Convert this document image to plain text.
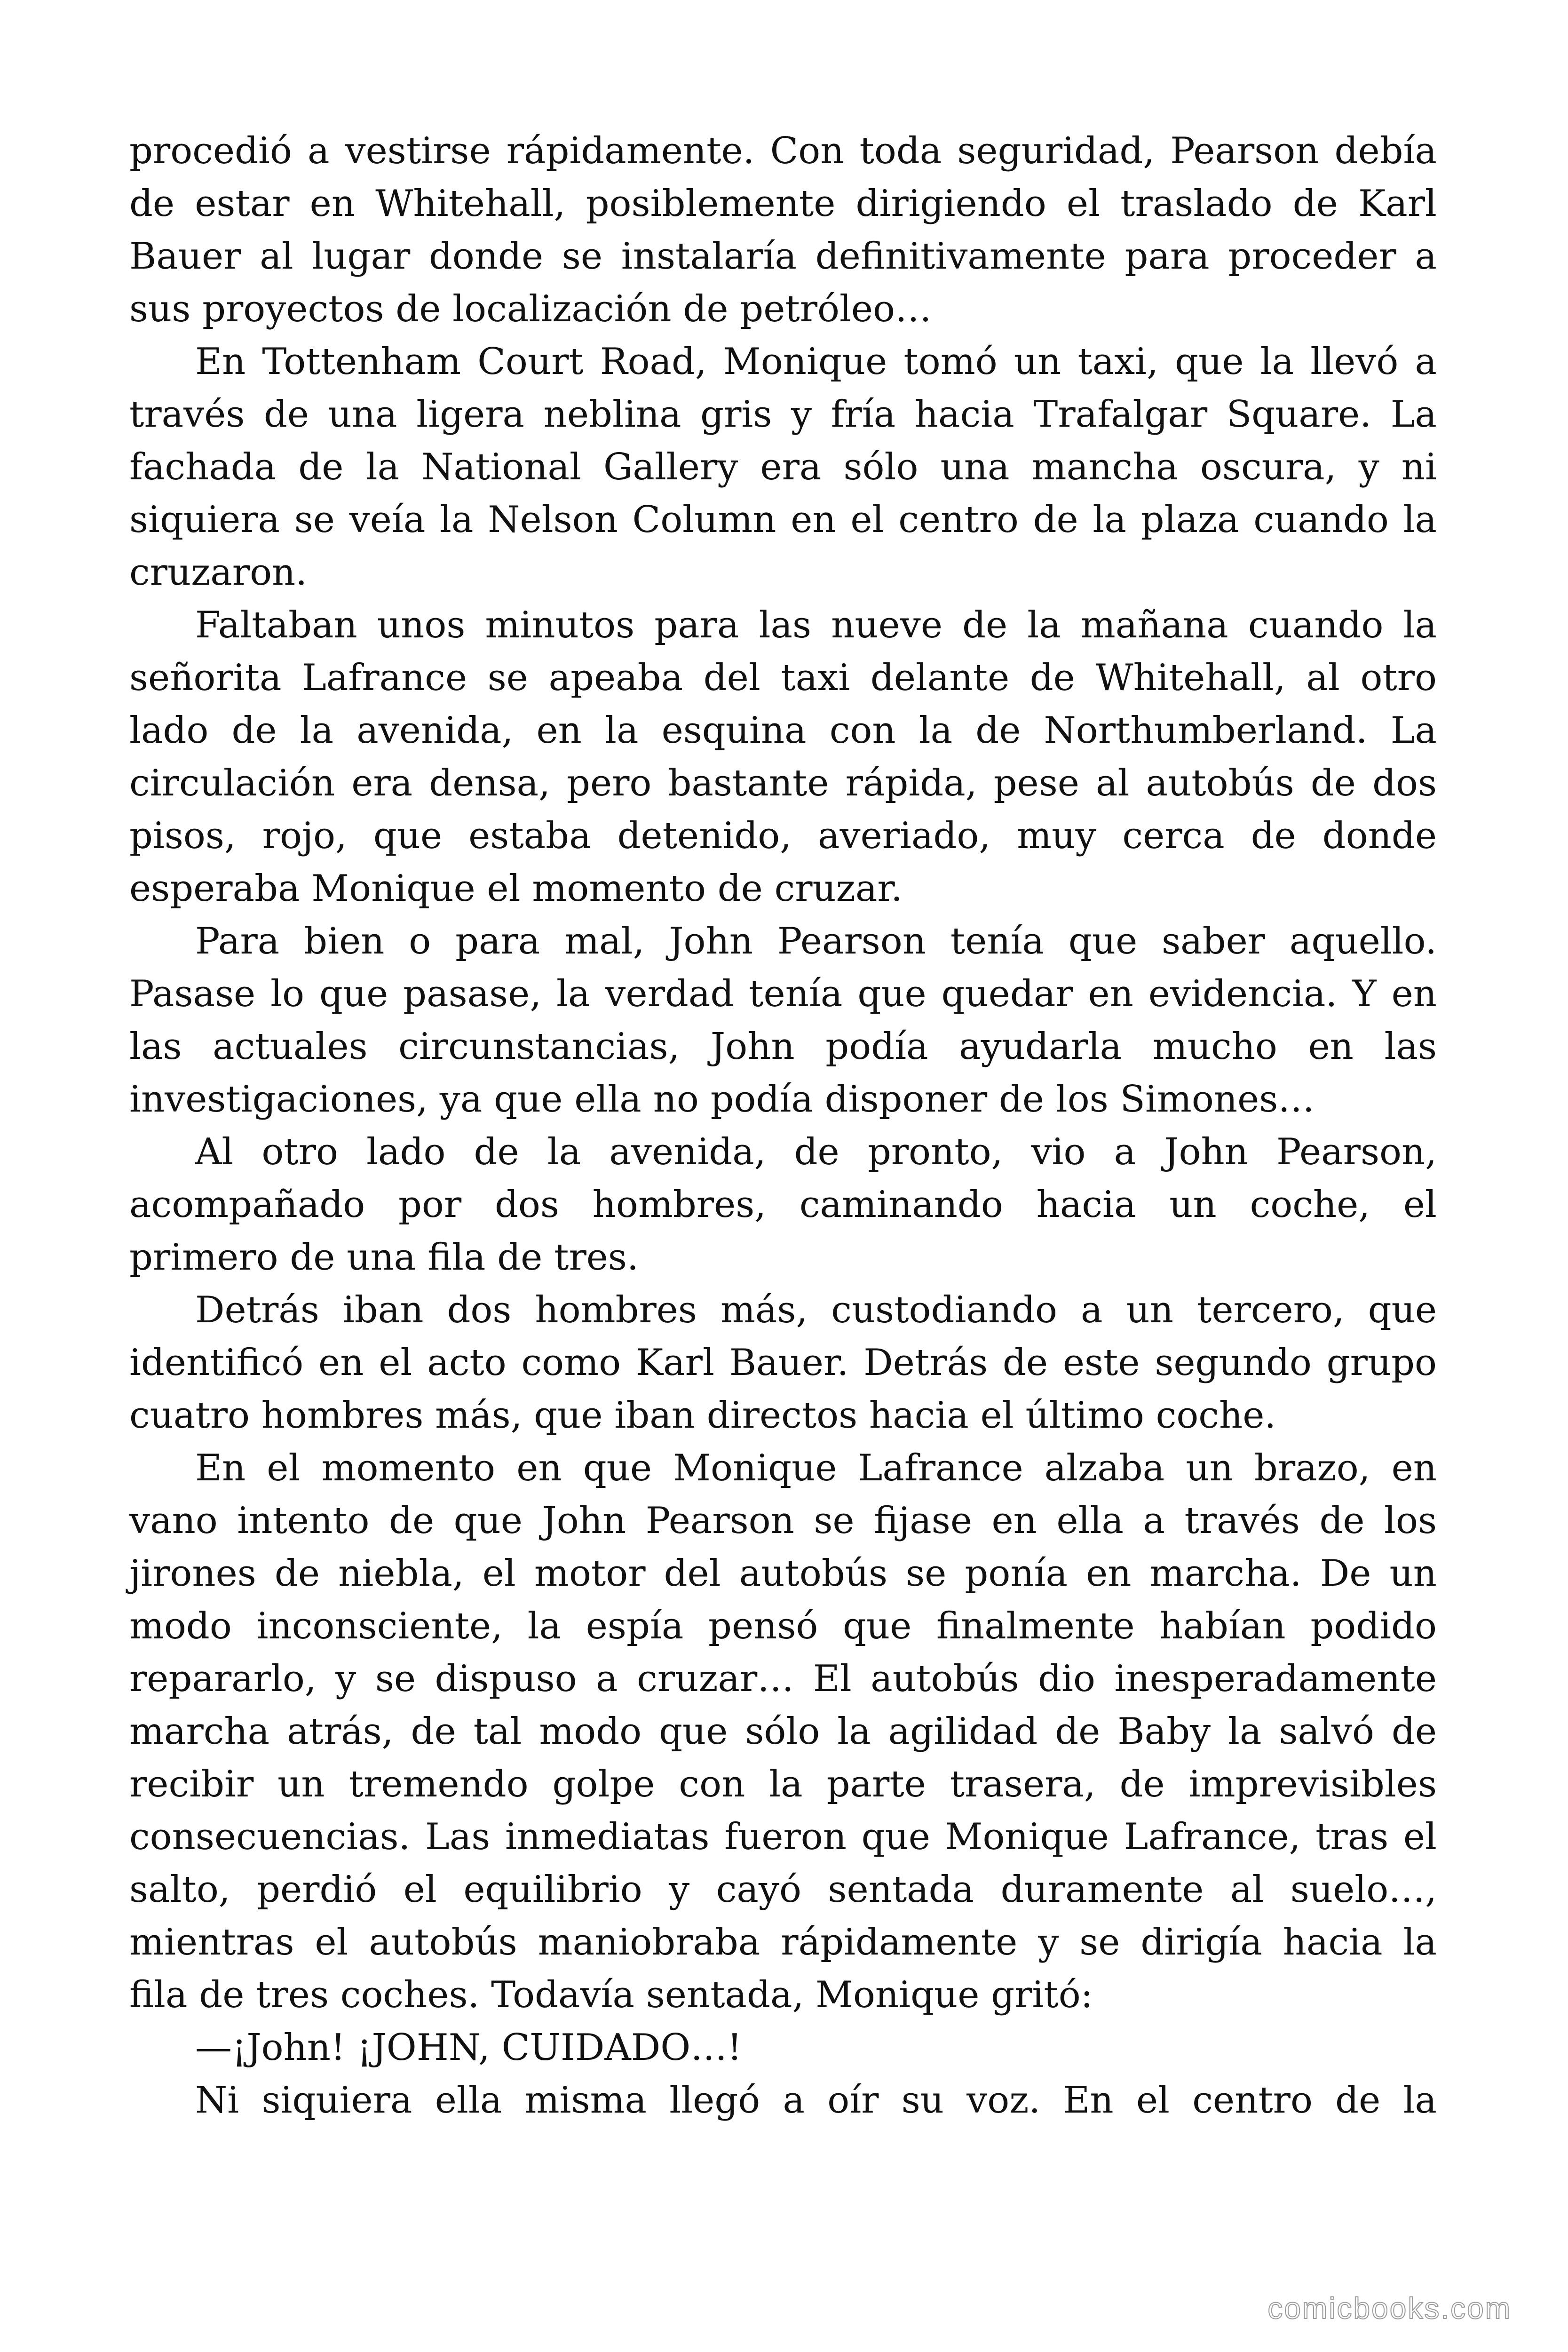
procedió a vestirse rápidamente. Con toda seguridad, Pearson debía
de estar en Whitehall, posiblemente dirigiendo el traslado de Karl
Bauer al lugar donde se instalaría definitivamente para proceder a
sus proyectos de localización de petróleo…
En Tottenham Court Road, Monique tomó un taxi, que la llevó a
través de una ligera neblina gris y fría hacia Trafalgar Square. La
fachada de la National Gallery era sólo una mancha oscura, y ni
siquiera se veía la Nelson Column en el centro de la plaza cuando la
cruzaron.
Faltaban unos minutos para las nueve de la mañana cuando la
señorita Lafrance se apeaba del taxi delante de Whitehall, al otro
lado de la avenida, en la esquina con la de Northumberland. La
circulación era densa, pero bastante rápida, pese al autobús de dos
pisos, rojo, que estaba detenido, averiado, muy cerca de donde
esperaba Monique el momento de cruzar.
Para bien o para mal, John Pearson tenía que saber aquello.
Pasase lo que pasase, la verdad tenía que quedar en evidencia. Y en
las actuales circunstancias, John podía ayudarla mucho en las
investigaciones, ya que ella no podía disponer de los Simones…
Al otro lado de la avenida, de pronto, vio a John Pearson,
acompañado por dos hombres, caminando hacia un coche, el
primero de una fila de tres.
Detrás iban dos hombres más, custodiando a un tercero, que
identificó en el acto como Karl Bauer. Detrás de este segundo grupo
cuatro hombres más, que iban directos hacia el último coche.
En el momento en que Monique Lafrance alzaba un brazo, en
vano intento de que John Pearson se fijase en ella a través de los
jirones de niebla, el motor del autobús se ponía en marcha. De un
modo inconsciente, la espía pensó que finalmente habían podido
repararlo, y se dispuso a cruzar… El autobús dio inesperadamente
marcha atrás, de tal modo que sólo la agilidad de Baby la salvó de
recibir un tremendo golpe con la parte trasera, de imprevisibles
consecuencias. Las inmediatas fueron que Monique Lafrance, tras el
salto, perdió el equilibrio y cayó sentada duramente al suelo…,
mientras el autobús maniobraba rápidamente y se dirigía hacia la
fila de tres coches. Todavía sentada, Monique gritó:
—¡John! ¡JOHN, CUIDADO…!
Ni siquiera ella misma llegó a oír su voz. En el centro de la
comicbooks.com
